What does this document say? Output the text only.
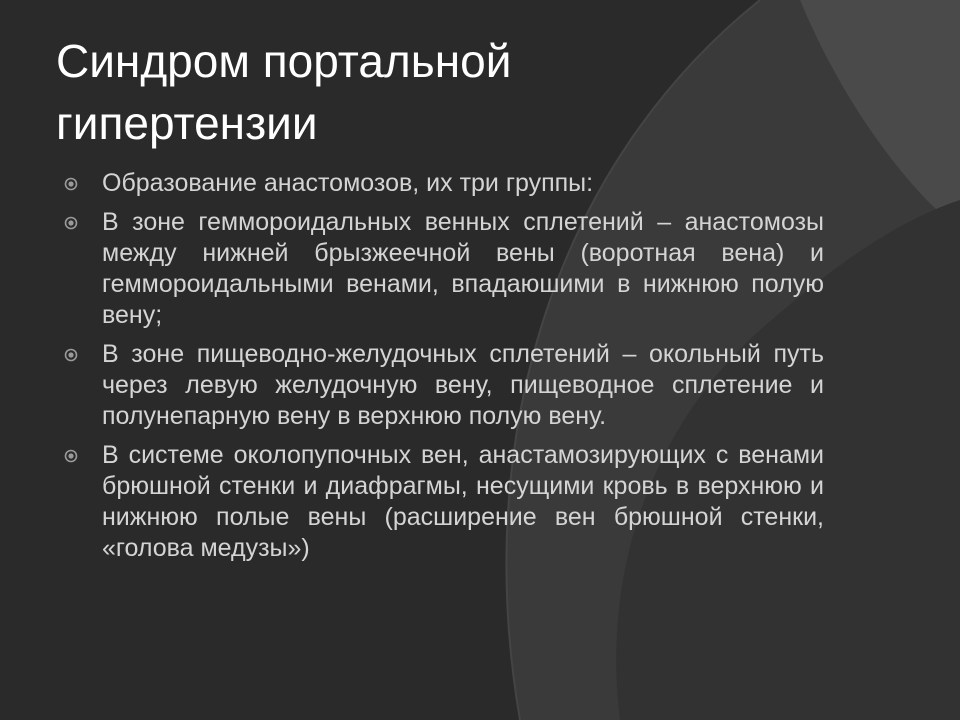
Синдром портальной
гипертензии
Образование анастомозов, их три группы:
В зоне геммороидальных венных сплетений – анастомозы между нижней брызжеечной вены (воротная вена) и геммороидальными венами, впадаюшими в нижнюю полую вену;
В зоне пищеводно-желудочных сплетений – окольный путь через левую желудочную вену, пищеводное сплетение и полунепарную вену в верхнюю полую вену.
В системе околопупочных вен, анастамозирующих с венами брюшной стенки и диафрагмы, несущими кровь в верхнюю и нижнюю полые вены (расширение вен брюшной стенки, «голова медузы»)
